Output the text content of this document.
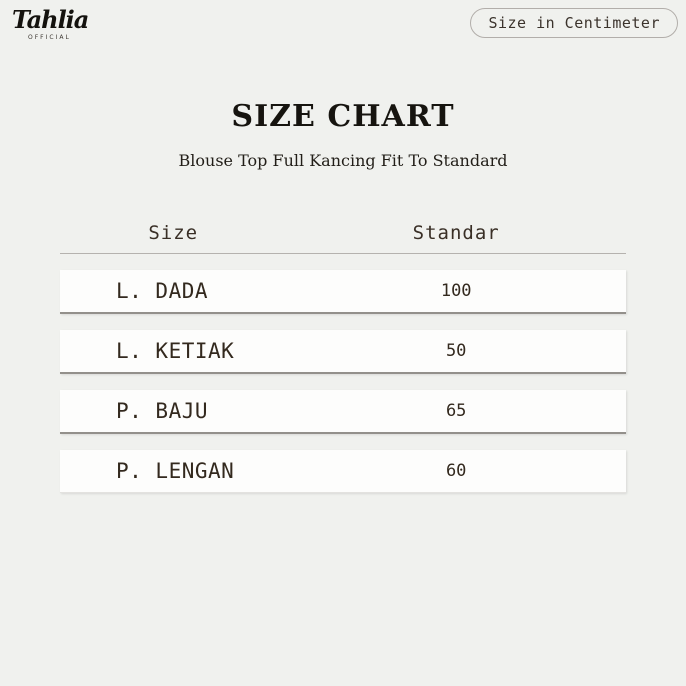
Tahlia
OFFICIAL
Size in Centimeter
SIZE CHART
Blouse Top Full Kancing Fit To Standard
Size	Standar
L. DADA	100
L. KETIAK	50
P. BAJU	65
P. LENGAN	60
